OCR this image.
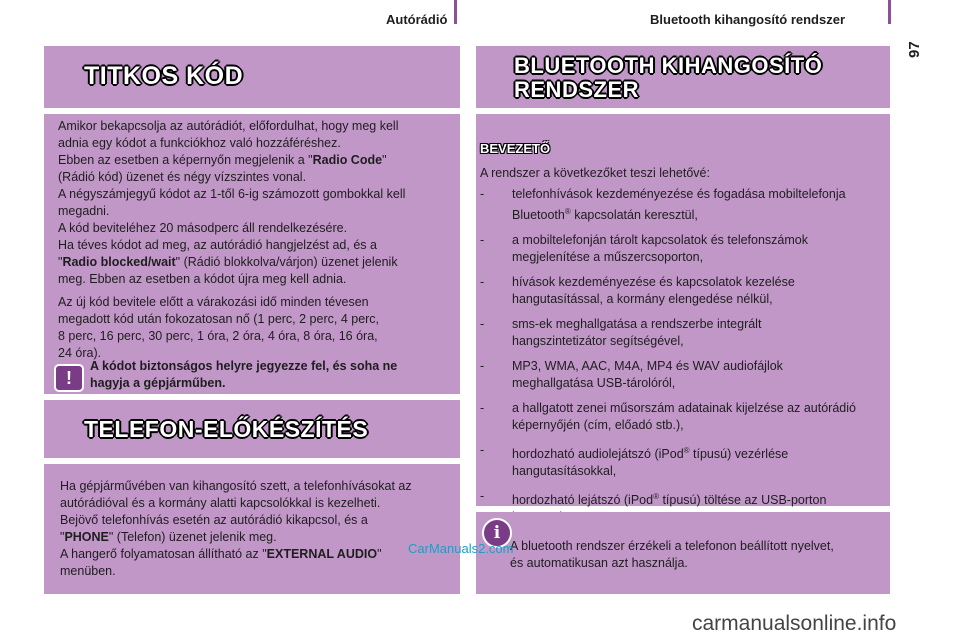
Autórádió	Bluetooth kihangosító rendszer
97
TITKOS KÓD

Amikor bekapcsolja az autórádiót, előfordulhat, hogy meg kell
adnia egy kódot a funkciókhoz való hozzáféréshez.
Ebben az esetben a képernyőn megjelenik a "Radio Code"
(Rádió kód) üzenet és négy vízszintes vonal.
A négyszámjegyű kódot az 1-től 6-ig számozott gombokkal kell
megadni.
A kód beviteléhez 20 másodperc áll rendelkezésére.
Ha téves kódot ad meg, az autórádió hangjelzést ad, és a
"Radio blocked/wait" (Rádió blokkolva/várjon) üzenet jelenik
meg. Ebben az esetben a kódot újra meg kell adnia.

Az új kód bevitele előtt a várakozási idő minden tévesen
megadott kód után fokozatosan nő (1 perc, 2 perc, 4 perc,
8 perc, 16 perc, 30 perc, 1 óra, 2 óra, 4 óra, 8 óra, 16 óra,
24 óra).

!
A kódot biztonságos helyre jegyezze fel, és soha ne
hagyja a gépjárműben.
TELEFON-ELŐKÉSZÍTÉS
Ha gépjárművében van kihangosító szett, a telefonhívásokat az
autórádióval és a kormány alatti kapcsolókkal is kezelheti.
Bejövő telefonhívás esetén az autórádió kikapcsol, és a
"PHONE" (Telefon) üzenet jelenik meg.
A hangerő folyamatosan állítható az "EXTERNAL AUDIO"
menüben.
BLUETOOTH KIHANGOSÍTÓ
RENDSZER
BEVEZETŐ
A rendszer a következőket teszi lehetővé:
- telefonhívások kezdeményezése és fogadása mobiltelefonja
Bluetooth® kapcsolatán keresztül,
- a mobiltelefonján tárolt kapcsolatok és telefonszámok
megjelenítése a műszercsoporton,
- hívások kezdeményezése és kapcsolatok kezelése
hangutasítással, a kormány elengedése nélkül,
- sms-ek meghallgatása a rendszerbe integrált
hangszintetizátor segítségével,
- MP3, WMA, AAC, M4A, MP4 és WAV audiofájlok
meghallgatása USB-tárolóról,
- a hallgatott zenei műsorszám adatainak kijelzése az autórádió
képernyőjén (cím, előadó stb.),
- hordozható audiolejátszó (iPod® típusú) vezérlése
hangutasításokkal,
- hordozható lejátszó (iPod® típusú) töltése az USB-porton
i
A bluetooth rendszer érzékeli a telefonon beállított nyelvet,
és automatikusan azt használja.
CarManuals2.com
carmanualsonline.info
